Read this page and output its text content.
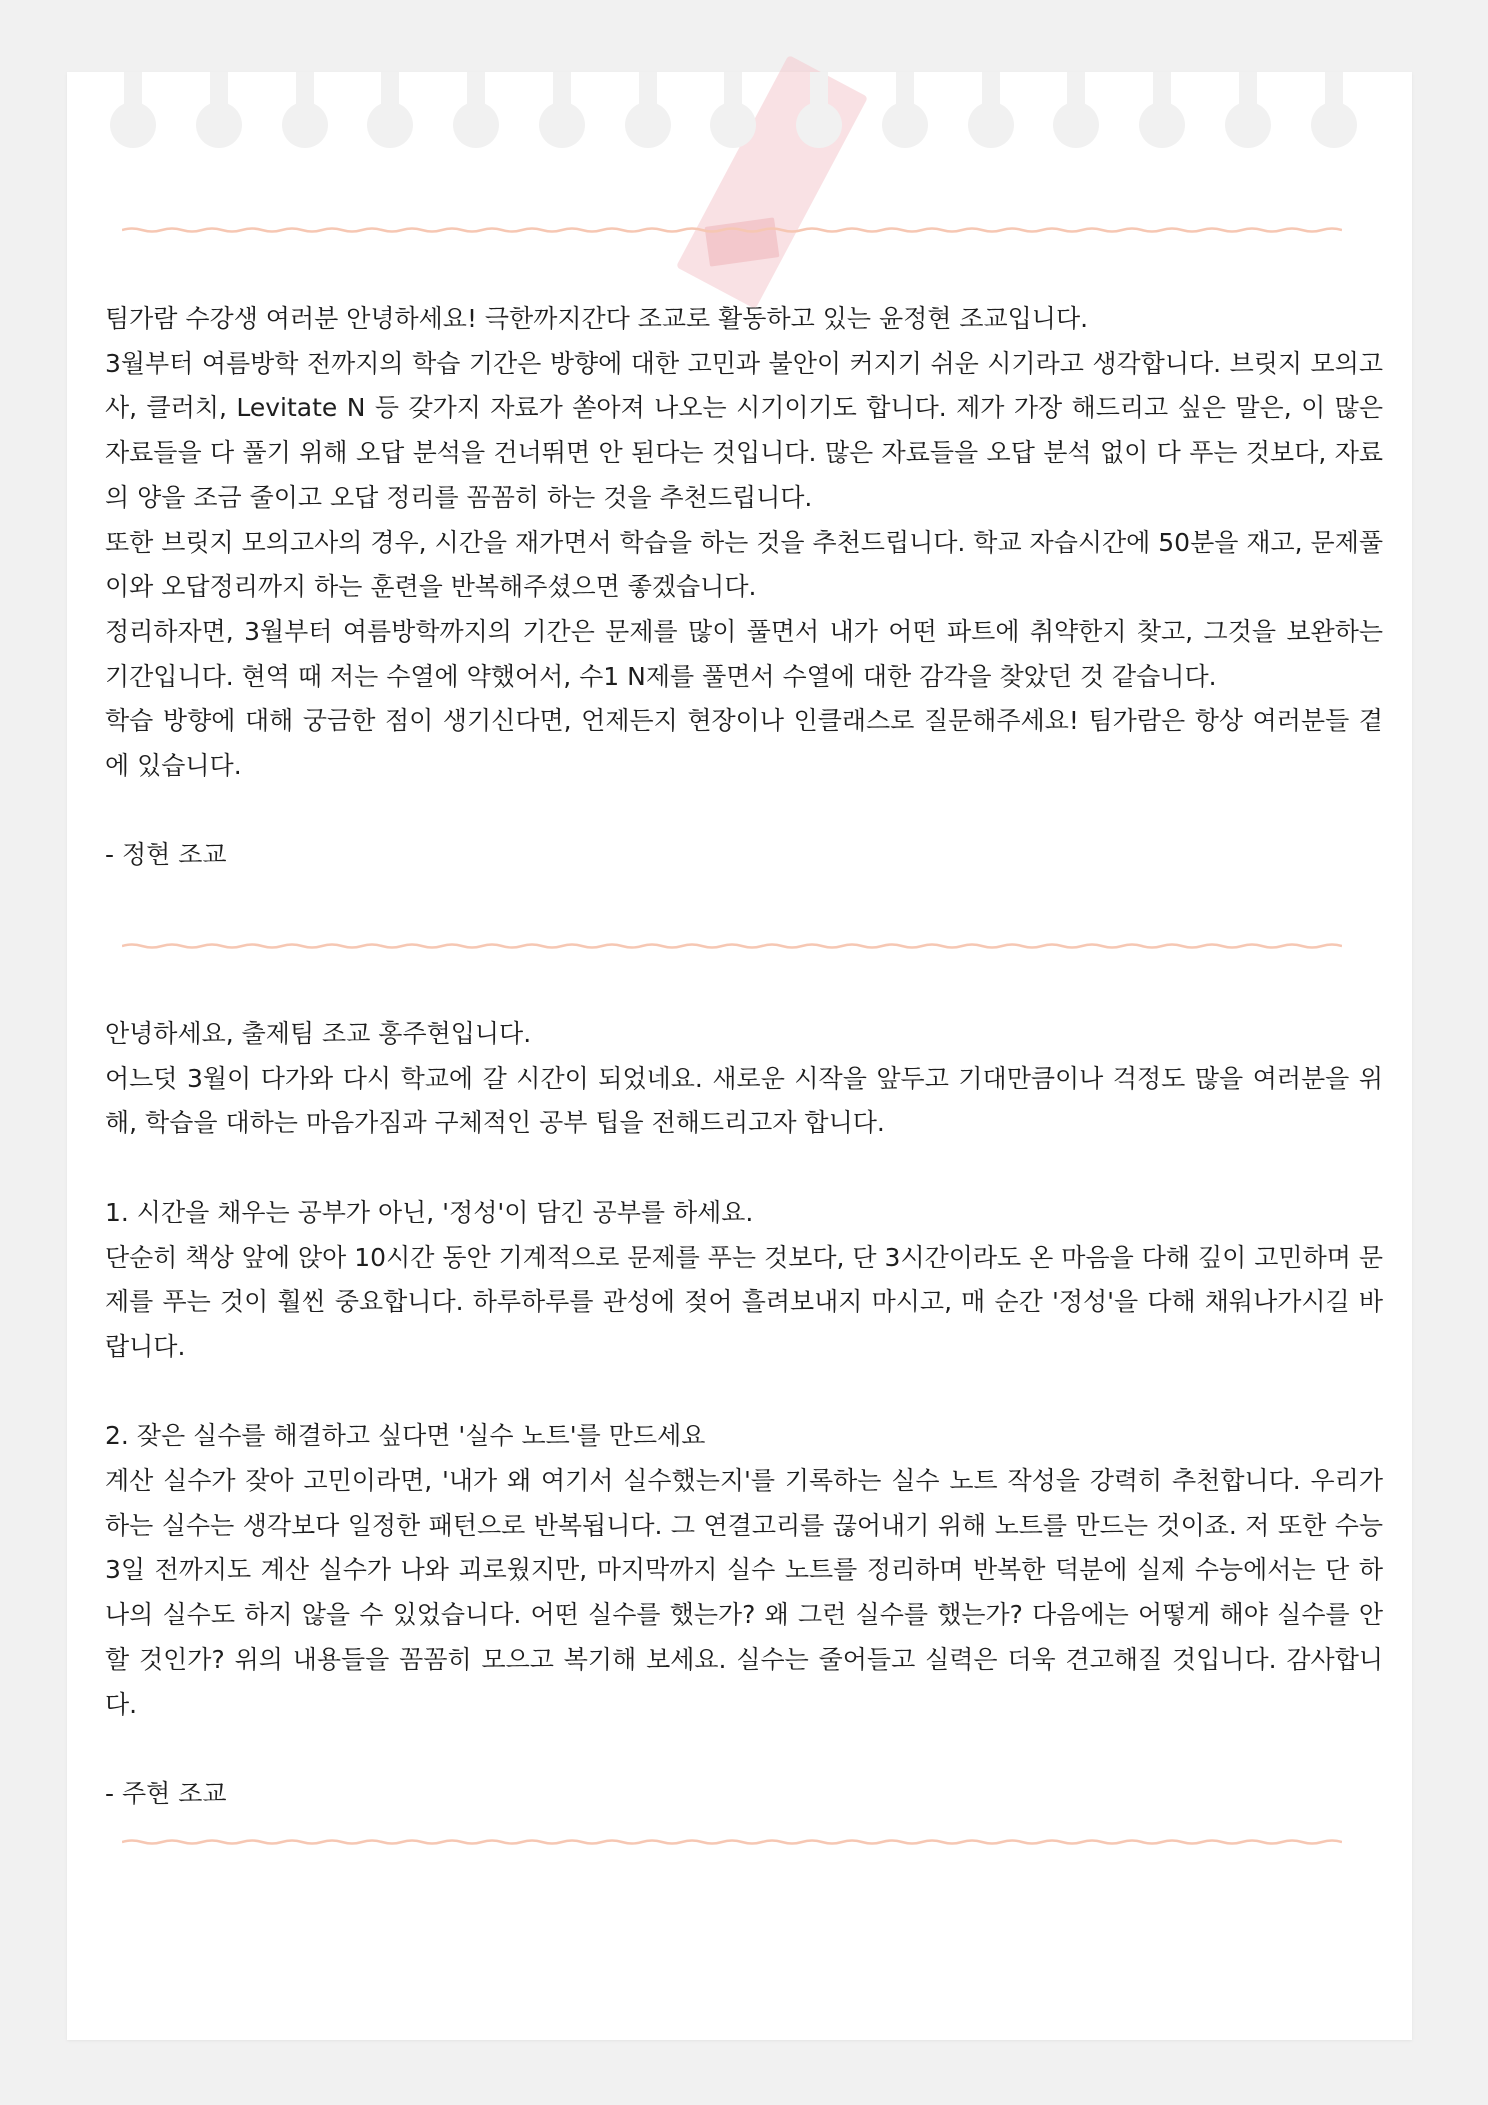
팀가람 수강생 여러분 안녕하세요! 극한까지간다 조교로 활동하고 있는 윤정현 조교입니다.

3월부터 여름방학 전까지의 학습 기간은 방향에 대한 고민과 불안이 커지기 쉬운 시기라고 생각합니다. 브릿지 모의고사, 클러치, Levitate N 등 갖가지 자료가 쏟아져 나오는 시기이기도 합니다. 제가 가장 해드리고 싶은 말은, 이 많은 자료들을 다 풀기 위해 오답 분석을 건너뛰면 안 된다는 것입니다. 많은 자료들을 오답 분석 없이 다 푸는 것보다, 자료의 양을 조금 줄이고 오답 정리를 꼼꼼히 하는 것을 추천드립니다.

또한 브릿지 모의고사의 경우, 시간을 재가면서 학습을 하는 것을 추천드립니다. 학교 자습시간에 50분을 재고, 문제풀이와 오답정리까지 하는 훈련을 반복해주셨으면 좋겠습니다.

정리하자면, 3월부터 여름방학까지의 기간은 문제를 많이 풀면서 내가 어떤 파트에 취약한지 찾고, 그것을 보완하는 기간입니다. 현역 때 저는 수열에 약했어서, 수1 N제를 풀면서 수열에 대한 감각을 찾았던 것 같습니다.

학습 방향에 대해 궁금한 점이 생기신다면, 언제든지 현장이나 인클래스로 질문해주세요! 팀가람은 항상 여러분들 곁에 있습니다.

- 정현 조교

안녕하세요, 출제팀 조교 홍주현입니다.

어느덧 3월이 다가와 다시 학교에 갈 시간이 되었네요. 새로운 시작을 앞두고 기대만큼이나 걱정도 많을 여러분을 위해, 학습을 대하는 마음가짐과 구체적인 공부 팁을 전해드리고자 합니다.

1. 시간을 채우는 공부가 아닌, '정성'이 담긴 공부를 하세요.

단순히 책상 앞에 앉아 10시간 동안 기계적으로 문제를 푸는 것보다, 단 3시간이라도 온 마음을 다해 깊이 고민하며 문제를 푸는 것이 훨씬 중요합니다. 하루하루를 관성에 젖어 흘려보내지 마시고, 매 순간 '정성'을 다해 채워나가시길 바랍니다.

2. 잦은 실수를 해결하고 싶다면 '실수 노트'를 만드세요

계산 실수가 잦아 고민이라면, '내가 왜 여기서 실수했는지'를 기록하는 실수 노트 작성을 강력히 추천합니다. 우리가 하는 실수는 생각보다 일정한 패턴으로 반복됩니다. 그 연결고리를 끊어내기 위해 노트를 만드는 것이죠. 저 또한 수능 3일 전까지도 계산 실수가 나와 괴로웠지만, 마지막까지 실수 노트를 정리하며 반복한 덕분에 실제 수능에서는 단 하나의 실수도 하지 않을 수 있었습니다. 어떤 실수를 했는가? 왜 그런 실수를 했는가? 다음에는 어떻게 해야 실수를 안 할 것인가? 위의 내용들을 꼼꼼히 모으고 복기해 보세요. 실수는 줄어들고 실력은 더욱 견고해질 것입니다. 감사합니다.

- 주현 조교
